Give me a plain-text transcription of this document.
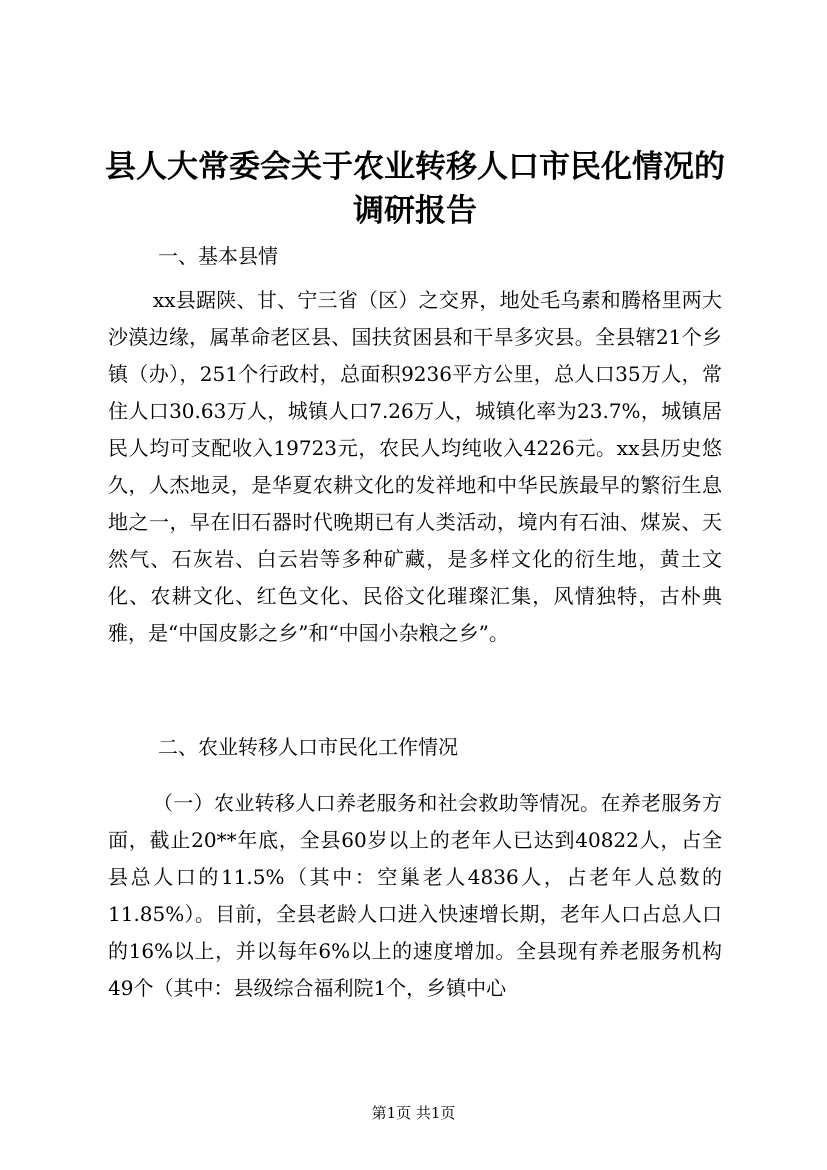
县人大常委会关于农业转移人口市民化情况的调研报告

一、基本县情

xx县踞陕、甘、宁三省（区）之交界，地处毛乌素和腾格里两大沙漠边缘，属革命老区县、国扶贫困县和干旱多灾县。全县辖21个乡镇（办），251个行政村，总面积9236平方公里，总人口35万人，常住人口30.63万人，城镇人口7.26万人，城镇化率为23.7%，城镇居民人均可支配收入19723元，农民人均纯收入4226元。xx县历史悠久，人杰地灵，是华夏农耕文化的发祥地和中华民族最早的繁衍生息地之一，早在旧石器时代晚期已有人类活动，境内有石油、煤炭、天然气、石灰岩、白云岩等多种矿藏，是多样文化的衍生地，黄土文化、农耕文化、红色文化、民俗文化璀璨汇集，风情独特，古朴典雅，是“中国皮影之乡”和“中国小杂粮之乡”。

二、农业转移人口市民化工作情况

（一）农业转移人口养老服务和社会救助等情况。在养老服务方面，截止20**年底，全县60岁以上的老年人已达到40822人，占全县总人口的11.5%（其中：空巢老人4836人，占老年人总数的11.85%）。目前，全县老龄人口进入快速增长期，老年人口占总人口的16%以上，并以每年6%以上的速度增加。全县现有养老服务机构49个（其中：县级综合福利院1个，乡镇中心

第1页 共1页
